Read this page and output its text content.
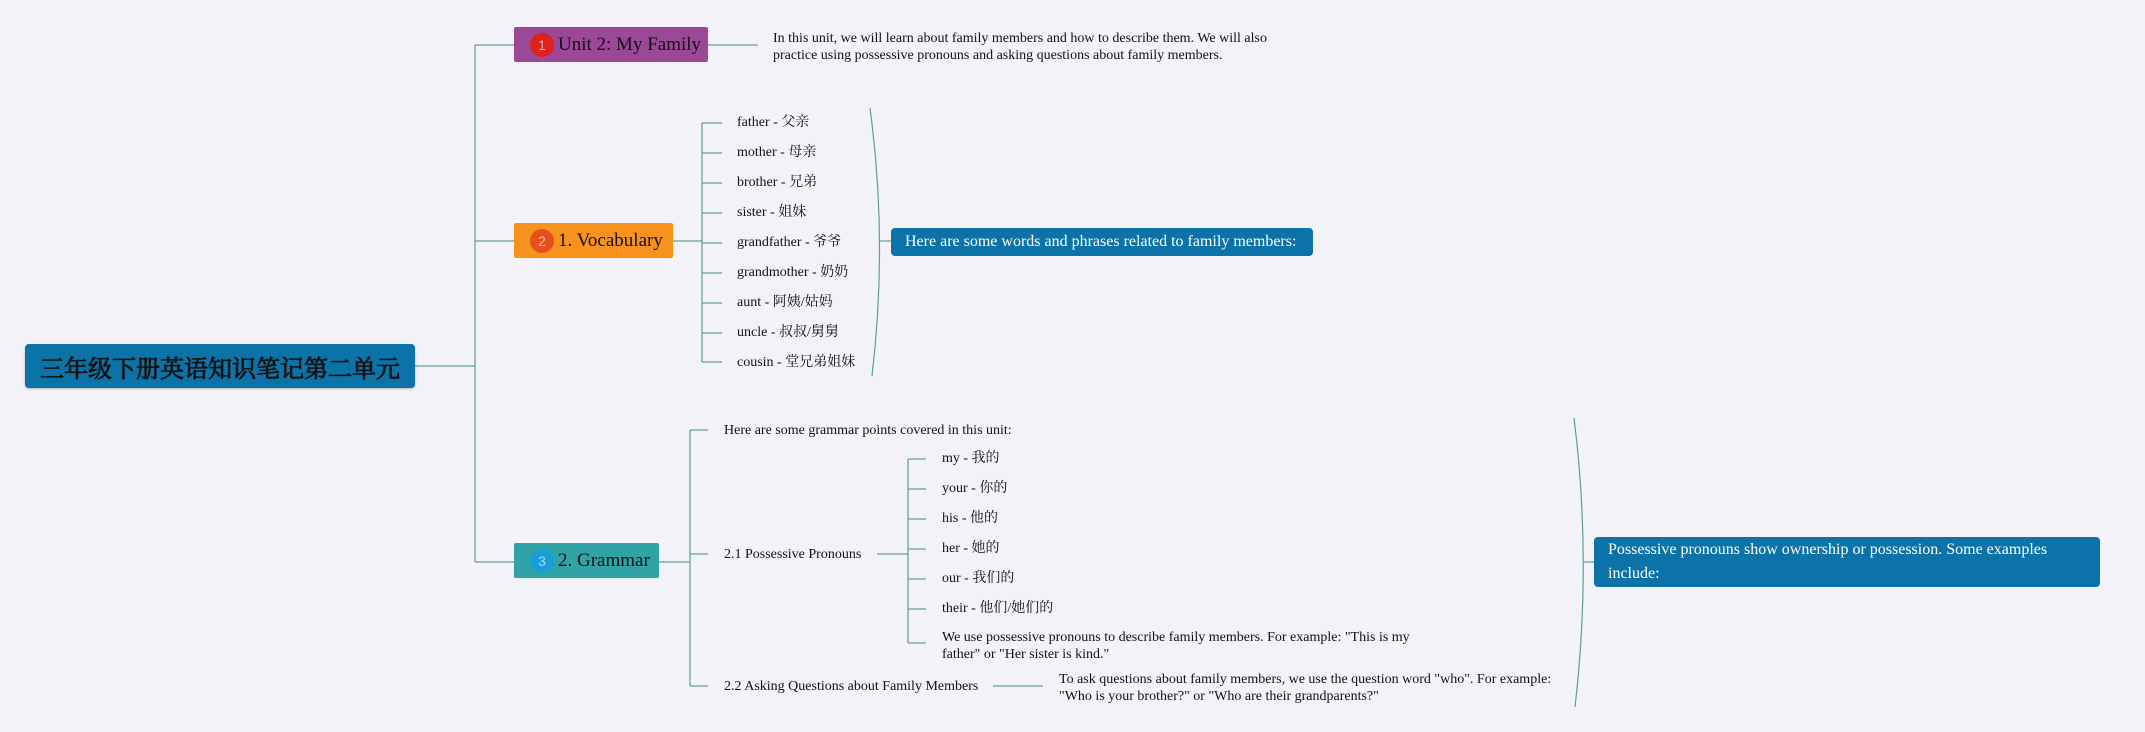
三年级下册英语知识笔记第二单元
1 Unit 2: My Family	In this unit, we will learn about family members and how to describe them. We will also practice using possessive pronouns and asking questions about family members.
2 1. Vocabulary
father - 父亲
mother - 母亲
brother - 兄弟
sister - 姐妹
grandfather - 爷爷
grandmother - 奶奶
aunt - 阿姨/姑妈
uncle - 叔叔/舅舅
cousin - 堂兄弟姐妹
Here are some words and phrases related to family members:
3 2. Grammar
Here are some grammar points covered in this unit:
2.1 Possessive Pronouns
my - 我的
your - 你的
his - 他的
her - 她的
our - 我们的
their - 他们/她们的
We use possessive pronouns to describe family members. For example: "This is my father" or "Her sister is kind."
2.2 Asking Questions about Family Members	To ask questions about family members, we use the question word "who". For example: "Who is your brother?" or "Who are their grandparents?"
Possessive pronouns show ownership or possession. Some examples include:
